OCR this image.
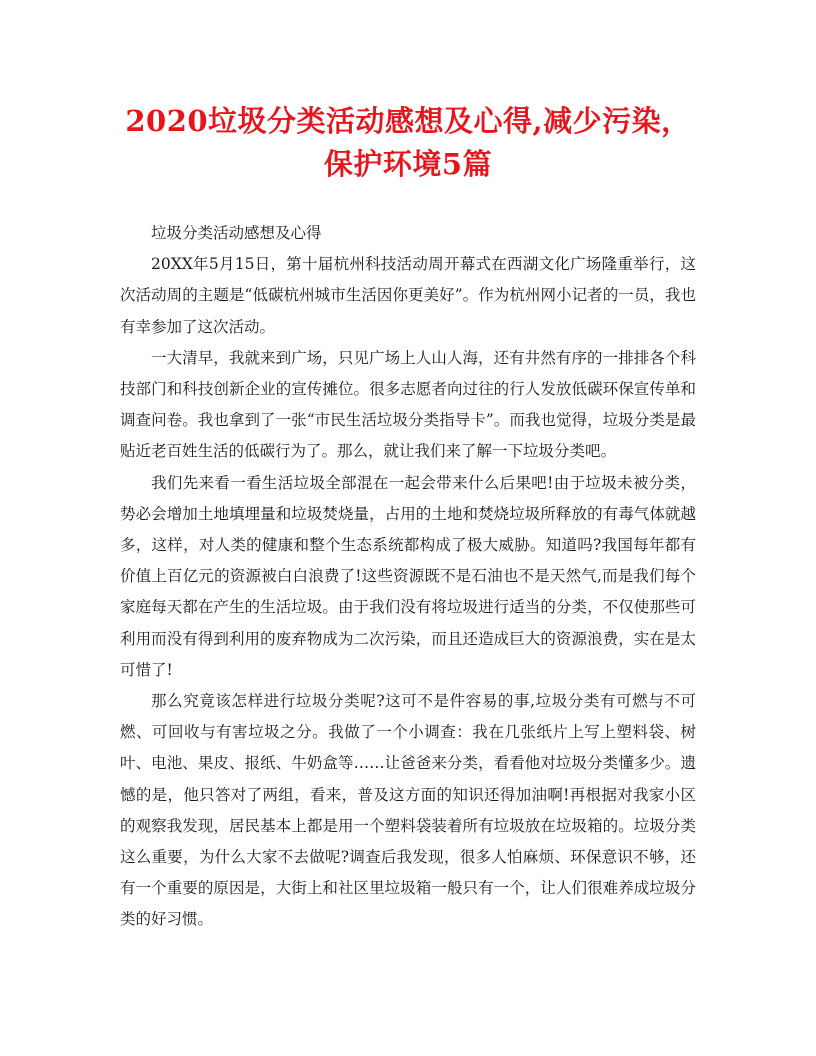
2020垃圾分类活动感想及心得,减少污染，
保护环境5篇

垃圾分类活动感想及心得

20XX年5月15日，第十届杭州科技活动周开幕式在西湖文化广场隆重举行，这次活动周的主题是“低碳杭州城市生活因你更美好”。作为杭州网小记者的一员，我也有幸参加了这次活动。

一大清早，我就来到广场，只见广场上人山人海，还有井然有序的一排排各个科技部门和科技创新企业的宣传摊位。很多志愿者向过往的行人发放低碳环保宣传单和调查问卷。我也拿到了一张“市民生活垃圾分类指导卡”。而我也觉得，垃圾分类是最贴近老百姓生活的低碳行为了。那么，就让我们来了解一下垃圾分类吧。

我们先来看一看生活垃圾全部混在一起会带来什么后果吧!由于垃圾未被分类，势必会增加土地填埋量和垃圾焚烧量，占用的土地和焚烧垃圾所释放的有毒气体就越多，这样，对人类的健康和整个生态系统都构成了极大威胁。知道吗?我国每年都有价值上百亿元的资源被白白浪费了!这些资源既不是石油也不是天然气,而是我们每个家庭每天都在产生的生活垃圾。由于我们没有将垃圾进行适当的分类，不仅使那些可利用而没有得到利用的废弃物成为二次污染，而且还造成巨大的资源浪费，实在是太可惜了!

那么究竟该怎样进行垃圾分类呢?这可不是件容易的事,垃圾分类有可燃与不可燃、可回收与有害垃圾之分。我做了一个小调查：我在几张纸片上写上塑料袋、树叶、电池、果皮、报纸、牛奶盒等……让爸爸来分类，看看他对垃圾分类懂多少。遗憾的是，他只答对了两组，看来，普及这方面的知识还得加油啊!再根据对我家小区的观察我发现，居民基本上都是用一个塑料袋装着所有垃圾放在垃圾箱的。垃圾分类这么重要，为什么大家不去做呢?调查后我发现，很多人怕麻烦、环保意识不够，还有一个重要的原因是，大街上和社区里垃圾箱一般只有一个，让人们很难养成垃圾分类的好习惯。
